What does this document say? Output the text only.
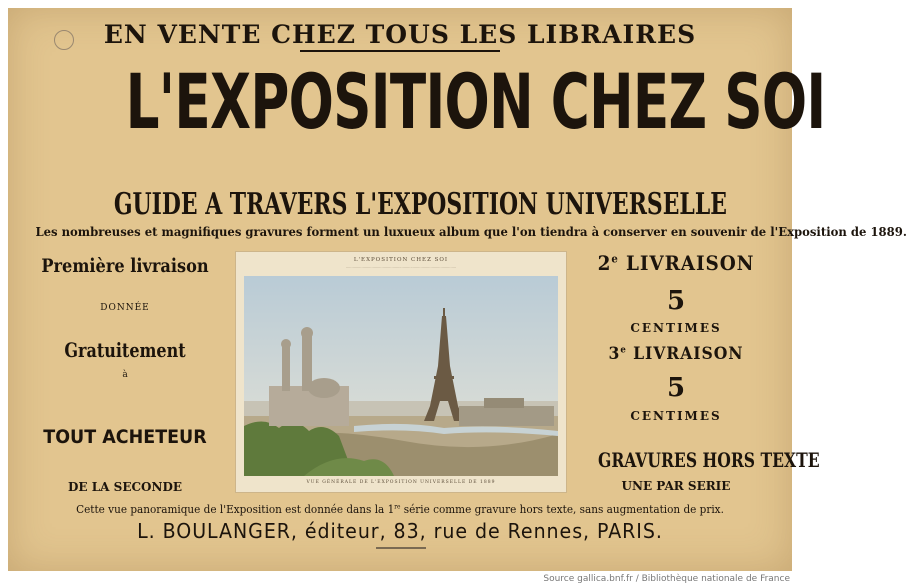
EN VENTE CHEZ TOUS LES LIBRAIRES
L'EXPOSITION CHEZ SOI
GUIDE A TRAVERS L'EXPOSITION UNIVERSELLE
Les nombreuses et magnifiques gravures forment un luxueux album que l'on tiendra à conserver en souvenir de l'Exposition de 1889.
Première livraison
DONNÉE
Gratuitement
à
TOUT ACHETEUR
DE LA SECONDE
2e LIVRAISON
5
CENTIMES
3e LIVRAISON
5
CENTIMES
GRAVURES HORS TEXTE
UNE PAR SERIE
L'EXPOSITION CHEZ SOI
...................................................................................................
VUE GÉNÉRALE DE L'EXPOSITION UNIVERSELLE DE 1889
Cette vue panoramique de l'Exposition est donnée dans la 1re série comme gravure hors texte, sans augmentation de prix.
L. BOULANGER, éditeur, 83, rue de Rennes, PARIS.
Source gallica.bnf.fr / Bibliothèque nationale de France
